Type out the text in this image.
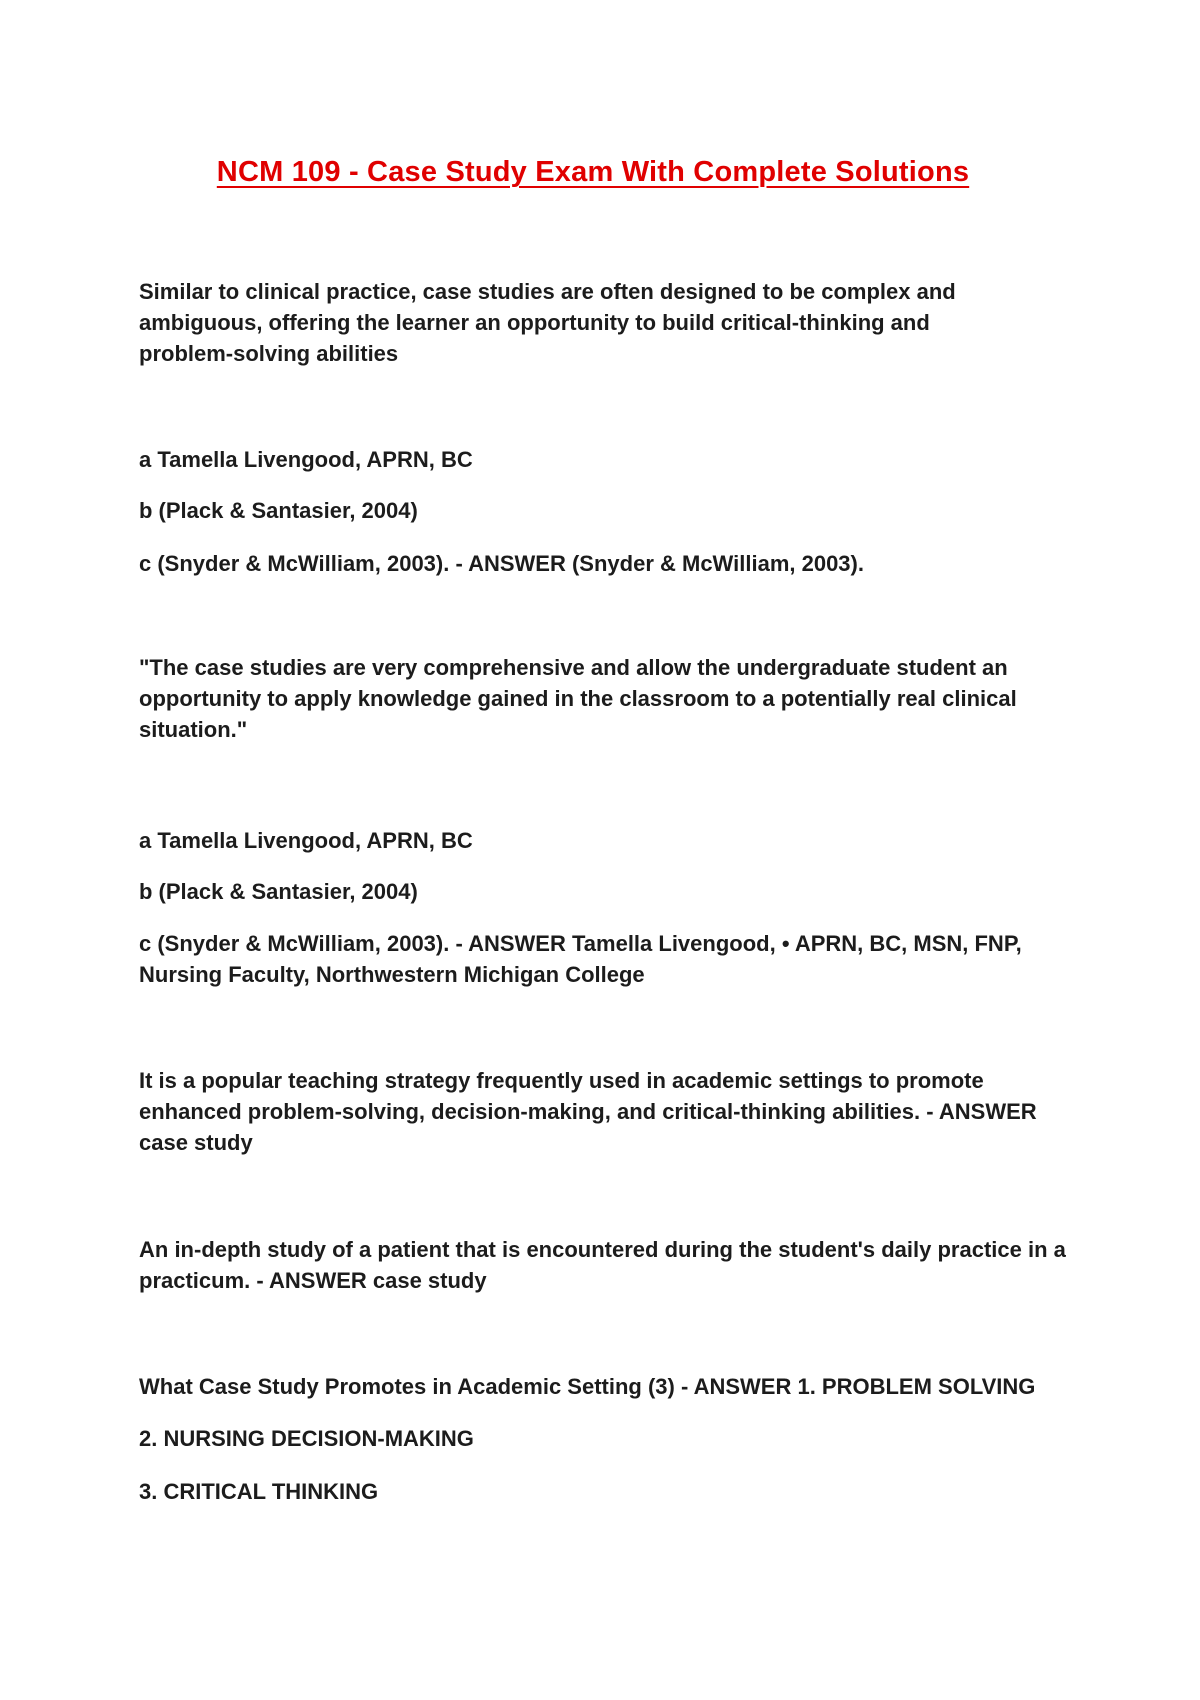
NCM 109 - Case Study Exam With Complete Solutions
Similar to clinical practice, case studies are often designed to be complex and
ambiguous, offering the learner an opportunity to build critical-thinking and
problem-solving abilities
a Tamella Livengood, APRN, BC
b (Plack & Santasier, 2004)
c (Snyder & McWilliam, 2003). - ANSWER (Snyder & McWilliam, 2003).
"The case studies are very comprehensive and allow the undergraduate student an
opportunity to apply knowledge gained in the classroom to a potentially real clinical
situation."
a Tamella Livengood, APRN, BC
b (Plack & Santasier, 2004)
c (Snyder & McWilliam, 2003). - ANSWER Tamella Livengood, • APRN, BC, MSN, FNP,
Nursing Faculty, Northwestern Michigan College
It is a popular teaching strategy frequently used in academic settings to promote
enhanced problem-solving, decision-making, and critical-thinking abilities. - ANSWER
case study
An in-depth study of a patient that is encountered during the student's daily practice in a
practicum. - ANSWER case study
What Case Study Promotes in Academic Setting (3) - ANSWER 1. PROBLEM SOLVING
2. NURSING DECISION-MAKING
3. CRITICAL THINKING
